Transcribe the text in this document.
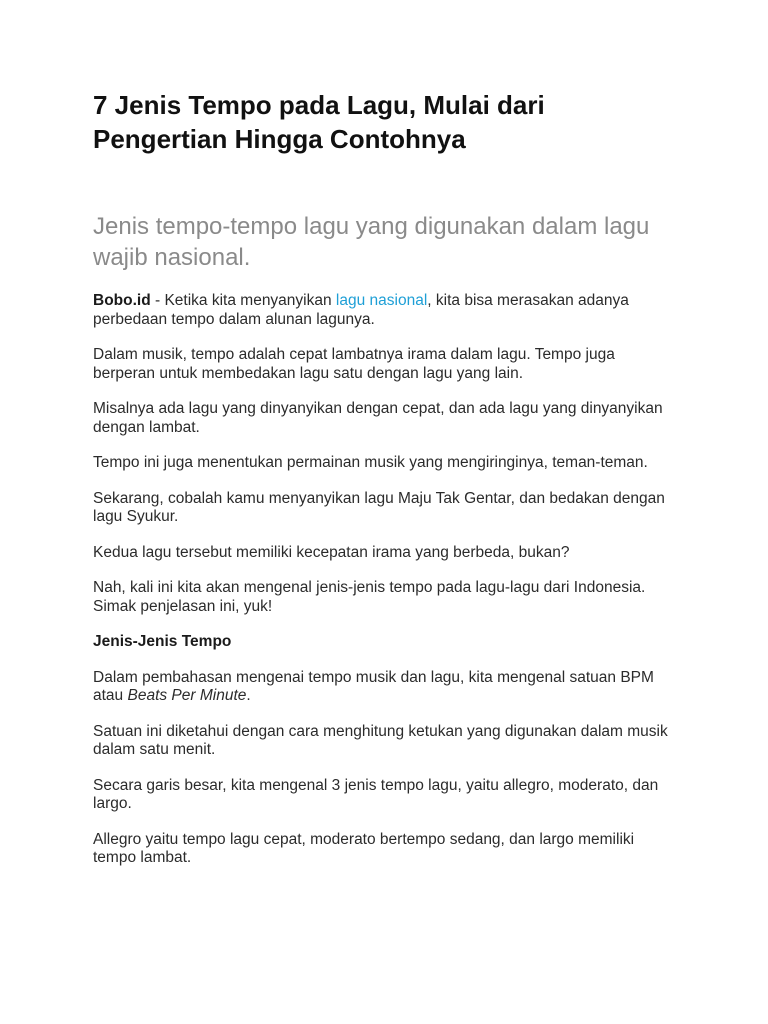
7 Jenis Tempo pada Lagu, Mulai dari Pengertian Hingga Contohnya
Jenis tempo-tempo lagu yang digunakan dalam lagu wajib nasional.

Bobo.id - Ketika kita menyanyikan lagu nasional, kita bisa merasakan adanya perbedaan tempo dalam alunan lagunya.

Dalam musik, tempo adalah cepat lambatnya irama dalam lagu. Tempo juga berperan untuk membedakan lagu satu dengan lagu yang lain.

Misalnya ada lagu yang dinyanyikan dengan cepat, dan ada lagu yang dinyanyikan dengan lambat.

Tempo ini juga menentukan permainan musik yang mengiringinya, teman-teman.

Sekarang, cobalah kamu menyanyikan lagu Maju Tak Gentar, dan bedakan dengan lagu Syukur.

Kedua lagu tersebut memiliki kecepatan irama yang berbeda, bukan?

Nah, kali ini kita akan mengenal jenis-jenis tempo pada lagu-lagu dari Indonesia. Simak penjelasan ini, yuk!

Jenis-Jenis Tempo

Dalam pembahasan mengenai tempo musik dan lagu, kita mengenal satuan BPM atau Beats Per Minute.

Satuan ini diketahui dengan cara menghitung ketukan yang digunakan dalam musik dalam satu menit.

Secara garis besar, kita mengenal 3 jenis tempo lagu, yaitu allegro, moderato, dan largo.

Allegro yaitu tempo lagu cepat, moderato bertempo sedang, dan largo memiliki tempo lambat.
